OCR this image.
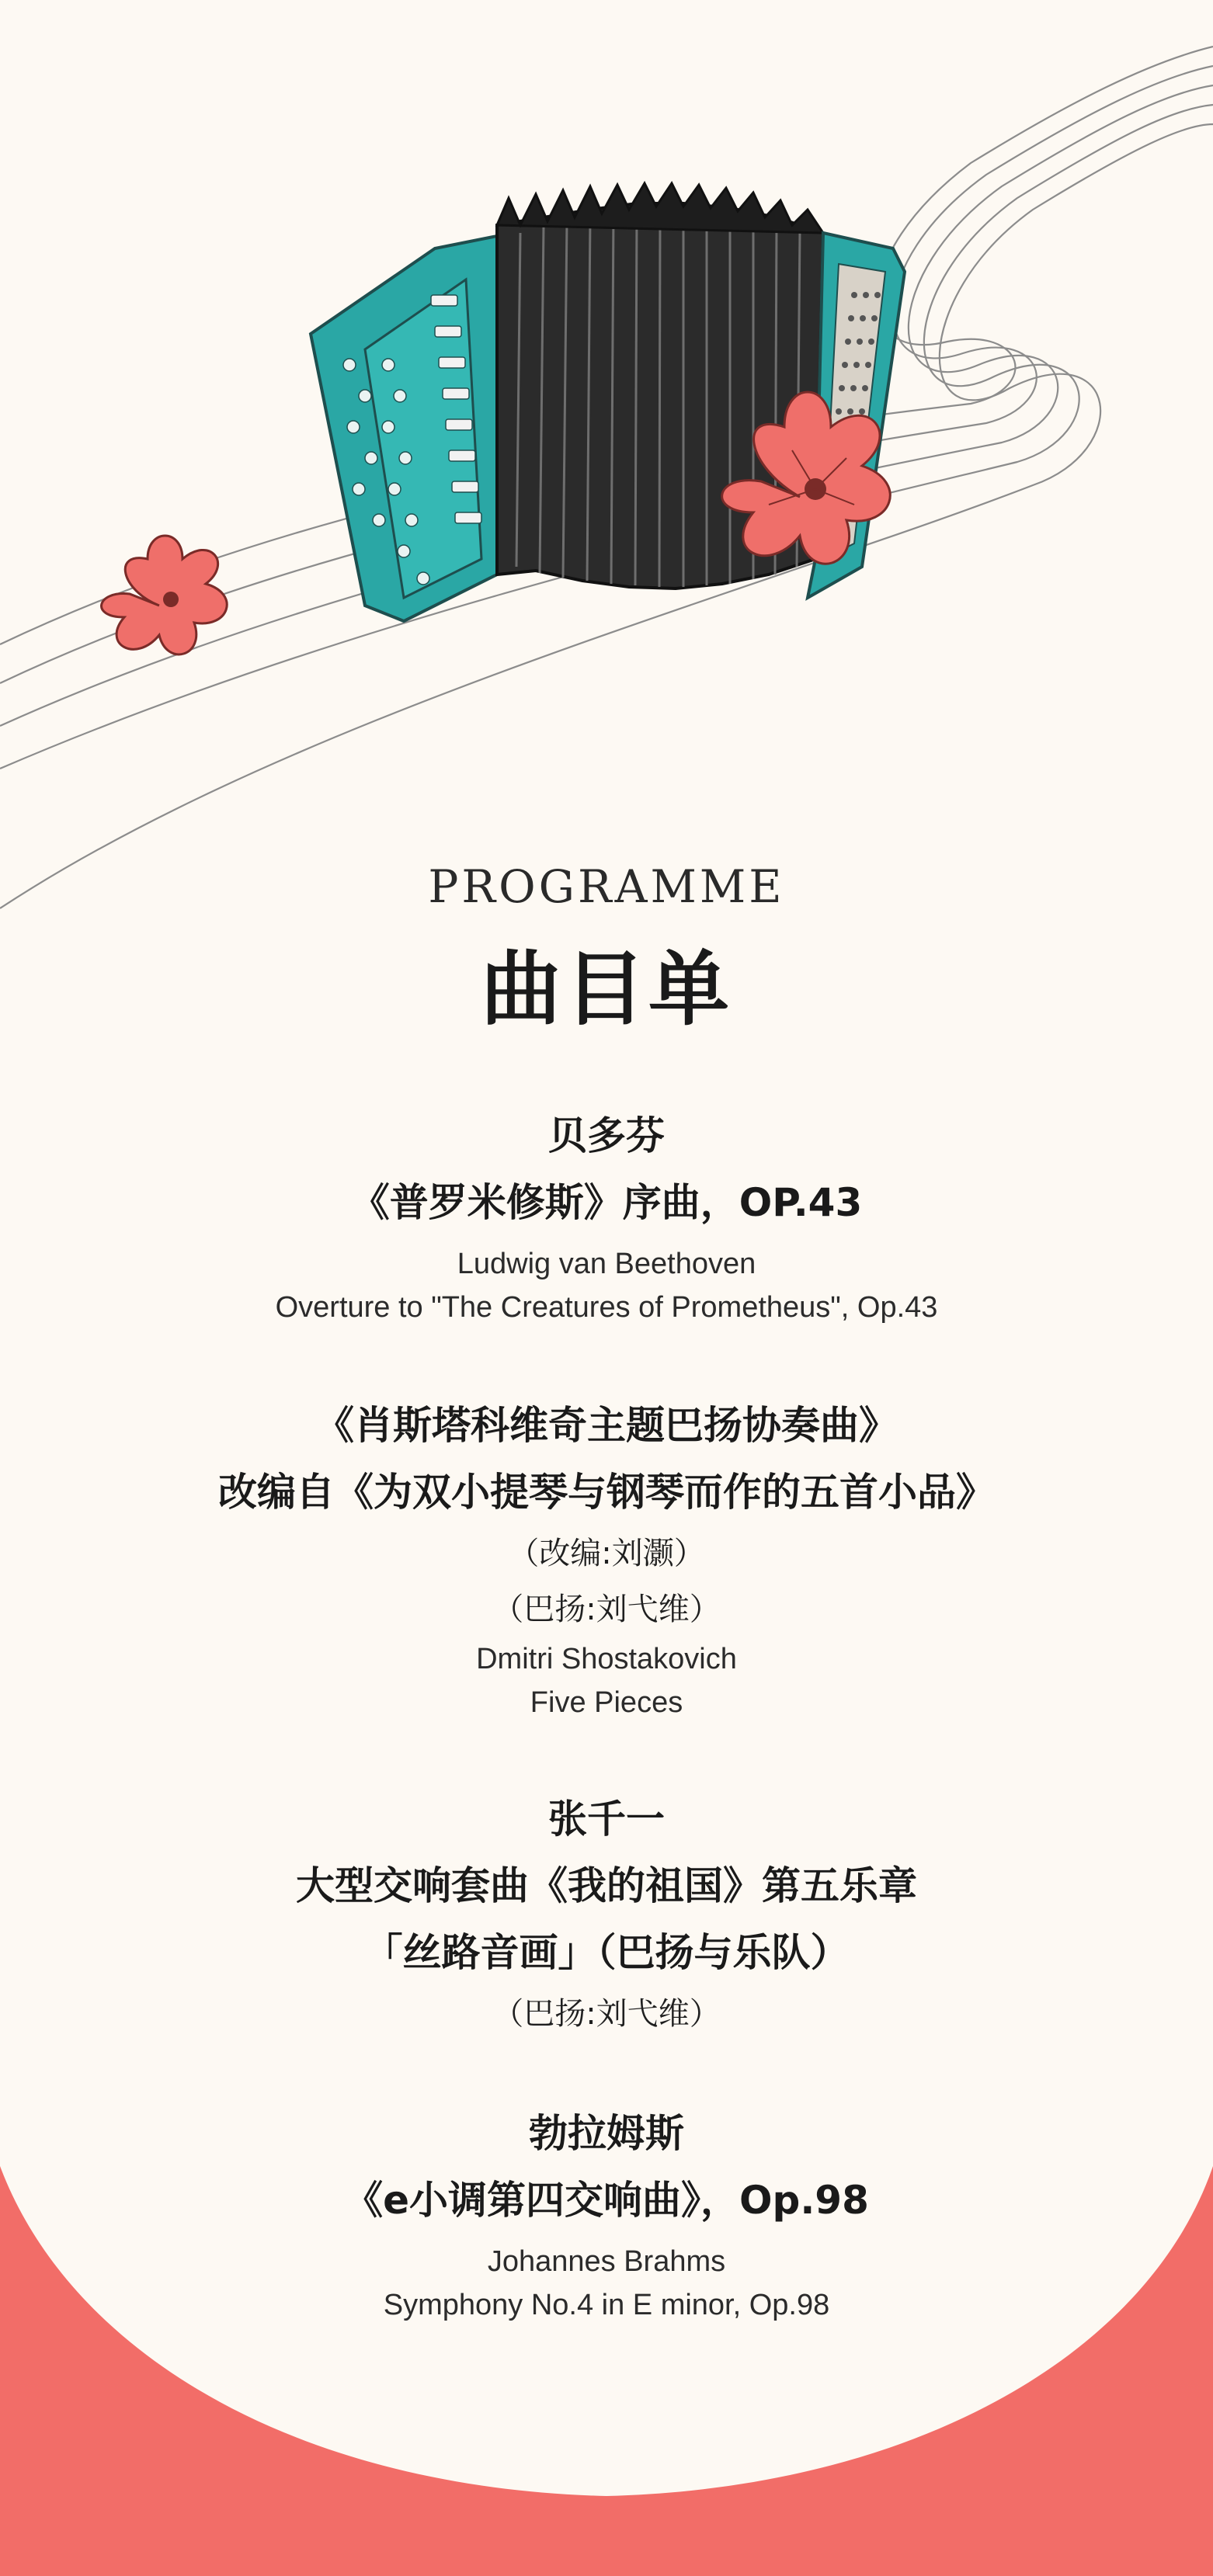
PROGRAMME
曲目单
贝多芬
《普罗米修斯》序曲，OP.43
Ludwig van Beethoven
Overture to "The Creatures of Prometheus", Op.43
《肖斯塔科维奇主题巴扬协奏曲》
改编自《为双小提琴与钢琴而作的五首小品》
（改编:刘灏）
（巴扬:刘弋维）
Dmitri Shostakovich
Five Pieces
张千一
大型交响套曲《我的祖国》第五乐章
「丝路音画」（巴扬与乐队）
（巴扬:刘弋维）
勃拉姆斯
《e小调第四交响曲》，Op.98
Johannes Brahms
Symphony No.4 in E minor, Op.98
